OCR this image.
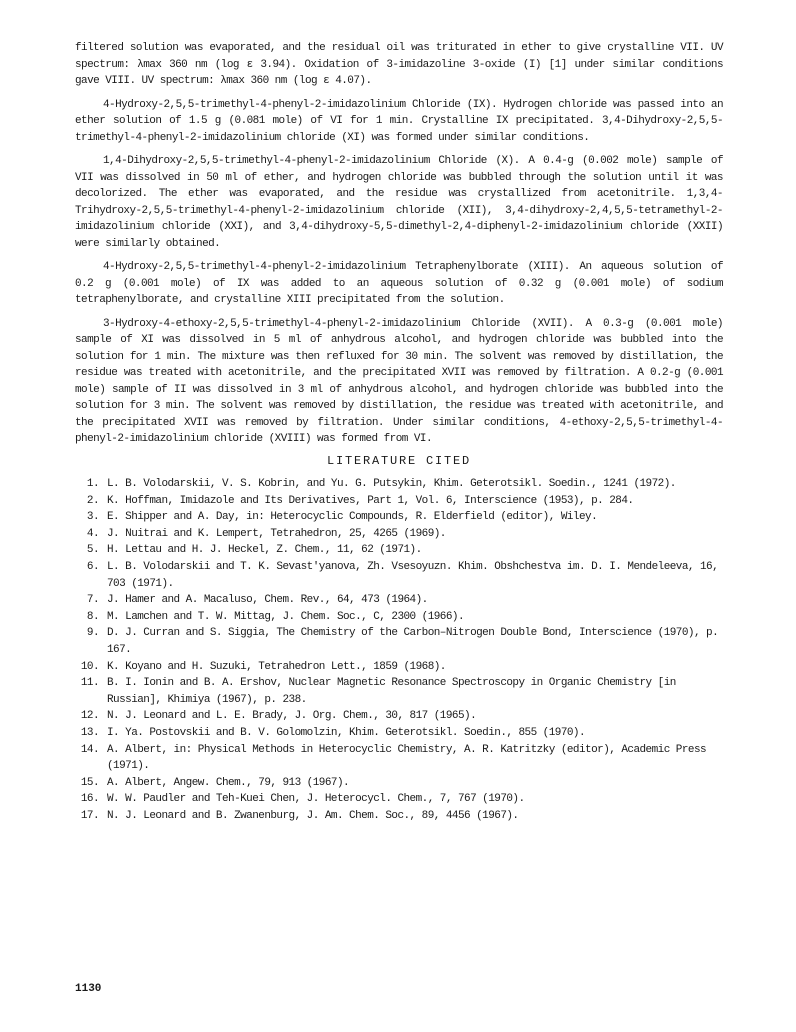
filtered solution was evaporated, and the residual oil was triturated in ether to give crystalline VII. UV spectrum: λmax 360 nm (log ε 3.94). Oxidation of 3-imidazoline 3-oxide (I) [1] under similar conditions gave VIII. UV spectrum: λmax 360 nm (log ε 4.07).

4-Hydroxy-2,5,5-trimethyl-4-phenyl-2-imidazolinium Chloride (IX). Hydrogen chloride was passed into an ether solution of 1.5 g (0.081 mole) of VI for 1 min. Crystalline IX precipitated. 3,4-Dihydroxy-2,5,5-trimethyl-4-phenyl-2-imidazolinium chloride (XI) was formed under similar conditions.

1,4-Dihydroxy-2,5,5-trimethyl-4-phenyl-2-imidazolinium Chloride (X). A 0.4-g (0.002 mole) sample of VII was dissolved in 50 ml of ether, and hydrogen chloride was bubbled through the solution until it was decolorized. The ether was evaporated, and the residue was crystallized from acetonitrile. 1,3,4-Trihydroxy-2,5,5-trimethyl-4-phenyl-2-imidazolinium chloride (XII), 3,4-dihydroxy-2,4,5,5-tetramethyl-2-imidazolinium chloride (XXI), and 3,4-dihydroxy-5,5-dimethyl-2,4-diphenyl-2-imidazolinium chloride (XXII) were similarly obtained.

4-Hydroxy-2,5,5-trimethyl-4-phenyl-2-imidazolinium Tetraphenylborate (XIII). An aqueous solution of 0.2 g (0.001 mole) of IX was added to an aqueous solution of 0.32 g (0.001 mole) of sodium tetraphenylborate, and crystalline XIII precipitated from the solution.

3-Hydroxy-4-ethoxy-2,5,5-trimethyl-4-phenyl-2-imidazolinium Chloride (XVII). A 0.3-g (0.001 mole) sample of XI was dissolved in 5 ml of anhydrous alcohol, and hydrogen chloride was bubbled into the solution for 1 min. The mixture was then refluxed for 30 min. The solvent was removed by distillation, the residue was treated with acetonitrile, and the precipitated XVII was removed by filtration. A 0.2-g (0.001 mole) sample of II was dissolved in 3 ml of anhydrous alcohol, and hydrogen chloride was bubbled into the solution for 3 min. The solvent was removed by distillation, the residue was treated with acetonitrile, and the precipitated XVII was removed by filtration. Under similar conditions, 4-ethoxy-2,5,5-trimethyl-4-phenyl-2-imidazolinium chloride (XVIII) was formed from VI.

LITERATURE CITED
1. L. B. Volodarskii, V. S. Kobrin, and Yu. G. Putsykin, Khim. Geterotsikl. Soedin., 1241 (1972).
2. K. Hoffman, Imidazole and Its Derivatives, Part 1, Vol. 6, Interscience (1953), p. 284.
3. E. Shipper and A. Day, in: Heterocyclic Compounds, R. Elderfield (editor), Wiley.
4. J. Nuitrai and K. Lempert, Tetrahedron, 25, 4265 (1969).
5. H. Lettau and H. J. Heckel, Z. Chem., 11, 62 (1971).
6. L. B. Volodarskii and T. K. Sevast'yanova, Zh. Vsesoyuzn. Khim. Obshchestva im. D. I. Mendeleeva, 16, 703 (1971).
7. J. Hamer and A. Macaluso, Chem. Rev., 64, 473 (1964).
8. M. Lamchen and T. W. Mittag, J. Chem. Soc., C, 2300 (1966).
9. D. J. Curran and S. Siggia, The Chemistry of the Carbon–Nitrogen Double Bond, Interscience (1970), p. 167.
10. K. Koyano and H. Suzuki, Tetrahedron Lett., 1859 (1968).
11. B. I. Ionin and B. A. Ershov, Nuclear Magnetic Resonance Spectroscopy in Organic Chemistry [in Russian], Khimiya (1967), p. 238.
12. N. J. Leonard and L. E. Brady, J. Org. Chem., 30, 817 (1965).
13. I. Ya. Postovskii and B. V. Golomolzin, Khim. Geterotsikl. Soedin., 855 (1970).
14. A. Albert, in: Physical Methods in Heterocyclic Chemistry, A. R. Katritzky (editor), Academic Press (1971).
15. A. Albert, Angew. Chem., 79, 913 (1967).
16. W. W. Paudler and Teh-Kuei Chen, J. Heterocycl. Chem., 7, 767 (1970).
17. N. J. Leonard and B. Zwanenburg, J. Am. Chem. Soc., 89, 4456 (1967).
1130
